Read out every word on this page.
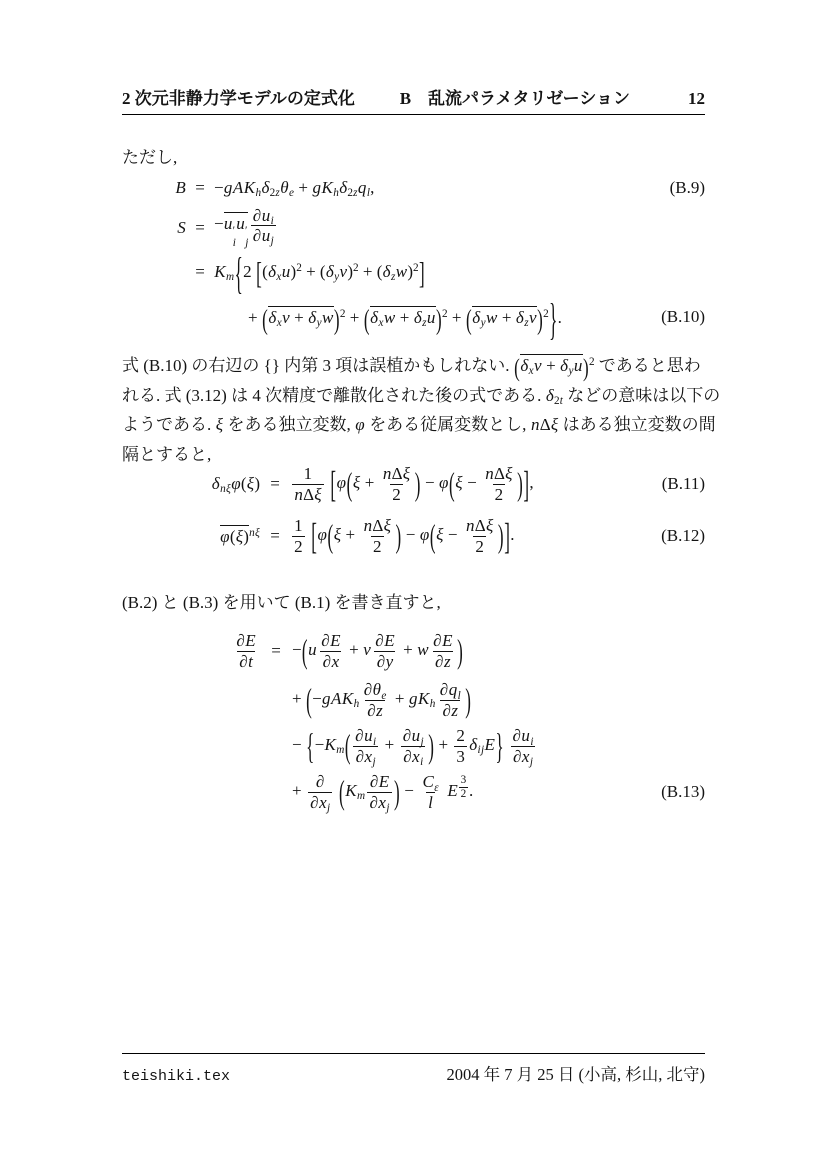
2 次元非静力学モデルの定式化	B　乱流パラメタリゼーション	12
ただし,
B = −gAKhδ2zθe + gKhδ2zql,	(B.9)
S = −u ′
i
u ′
j $\frac{\partial ui}{\partial uj}$
= Km{2 $[(\delta xu)^2 + (\delta yv)^2 + (\delta zw)^2]$
+ $(\delta xv + \delta yw)^2 + (\delta xw + \delta zu)^2 + (\delta yw + \delta zv)^2$}.	(B.10)
式 (B.10) の右辺の {} 内第 3 項は誤植かもしれない. $(\delta xv + \delta yu)^2$ であると思わ
れる. 式 (3.12) は 4 次精度で離散化された後の式である. δ2t などの意味は以下の
ようである. ξ をある独立変数, φ をある従属変数とし, nΔξ はある独立変数の間
隔とすると,
$\delta n\xi\varphi(\xi) = \frac{1}{\text{nΔξ}} [\varphi(\xi + \frac{\text{nΔξ}}{2}$ ) − $\varphi(\xi - \frac{\text{nΔξ}}{2}$ )],	(B.11)
$\varphi(\xi)^{n\xi} = \frac{1}{2} [\varphi(\xi + \frac{\text{nΔξ}}{2}$ ) − $\varphi(\xi - \frac{\text{nΔξ}}{2}$ )].	(B.12)
(B.2) と (B.3) を用いて (B.1) を書き直すと,
$\frac{\partial E}{\partial t} = -(u \frac{\partial E}{\partial x} + v \frac{\partial E}{\partial y} + w \frac{\partial E}{\partial z}$ )
+ (−gAKh $\frac{\partial\theta e}{\partial z}$ + gKh $\frac{\partial ql}{\partial z}$ )
− {$-Km( \frac{\partial ui}{\partial xj} + \frac{\partial uj}{\partial xi}$ ) + $\frac{2}{3} \delta ijE\} \frac{\partial ui}{\partial xj}$
+ $\frac{\partial}{\partial xj} (Km \frac{\partial E}{\partial xj}$ ) − $\frac{C\varepsilon}{l}$ E $^{\frac{3}{2}}$ .	(B.13)
teishiki.tex	2004 年 7 月 25 日 (小高, 杉山, 北守)
